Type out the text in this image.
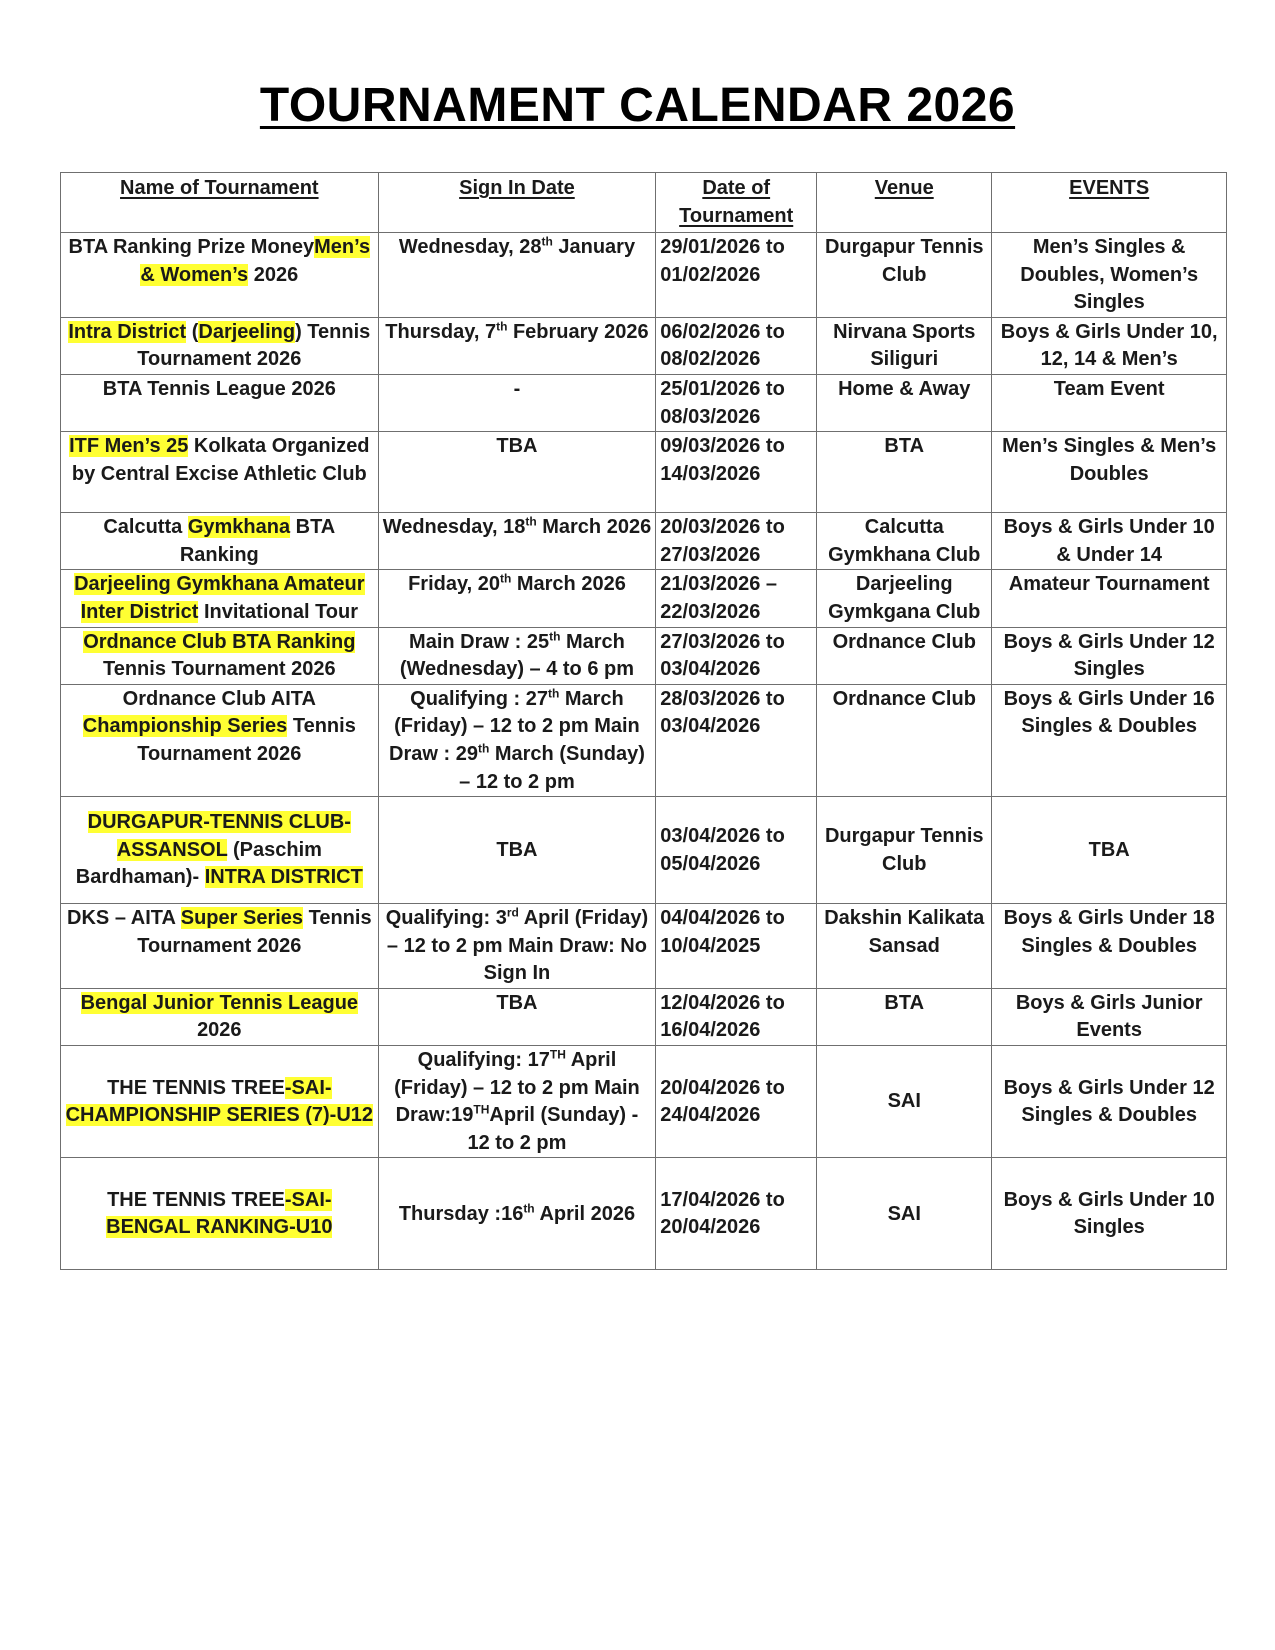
TOURNAMENT CALENDAR 2026
Name of Tournament	Sign In Date	Date of Tournament	Venue	EVENTS
BTA Ranking Prize MoneyMen’s & Women’s 2026	Wednesday, 28th January	29/01/2026 to 01/02/2026	Durgapur Tennis Club	Men’s Singles & Doubles, Women’s Singles
Intra District (Darjeeling) Tennis Tournament 2026	Thursday, 7th February 2026	06/02/2026 to 08/02/2026	Nirvana Sports Siliguri	Boys & Girls Under 10, 12, 14 & Men’s
BTA Tennis League 2026	-	25/01/2026 to 08/03/2026	Home & Away	Team Event
ITF Men’s 25 Kolkata Organized by Central Excise Athletic Club	TBA	09/03/2026 to 14/03/2026	BTA	Men’s Singles & Men’s Doubles
Calcutta Gymkhana BTA Ranking	Wednesday, 18th March 2026	20/03/2026 to 27/03/2026	Calcutta Gymkhana Club	Boys & Girls Under 10 & Under 14
Darjeeling Gymkhana Amateur Inter District Invitational Tour	Friday, 20th March 2026	21/03/2026 – 22/03/2026	Darjeeling Gymkgana Club	Amateur Tournament
Ordnance Club BTA Ranking Tennis Tournament 2026	Main Draw : 25th March (Wednesday) – 4 to 6 pm	27/03/2026 to 03/04/2026	Ordnance Club	Boys & Girls Under 12 Singles
Ordnance Club AITA Championship Series Tennis Tournament 2026	Qualifying : 27th March (Friday) – 12 to 2 pm Main Draw : 29th March (Sunday) – 12 to 2 pm	28/03/2026 to 03/04/2026	Ordnance Club	Boys & Girls Under 16 Singles & Doubles
DURGAPUR-TENNIS CLUB-ASSANSOL (Paschim Bardhaman)- INTRA DISTRICT	TBA	03/04/2026 to 05/04/2026	Durgapur Tennis Club	TBA
DKS – AITA Super Series Tennis Tournament 2026	Qualifying: 3rd April (Friday) – 12 to 2 pm Main Draw: No Sign In	04/04/2026 to 10/04/2025	Dakshin Kalikata Sansad	Boys & Girls Under 18 Singles & Doubles
Bengal Junior Tennis League 2026	TBA	12/04/2026 to 16/04/2026	BTA	Boys & Girls Junior Events
THE TENNIS TREE-SAI-CHAMPIONSHIP SERIES (7)-U12	Qualifying: 17TH April (Friday) – 12 to 2 pm Main Draw:19THApril (Sunday) - 12 to 2 pm	20/04/2026 to 24/04/2026	SAI	Boys & Girls Under 12 Singles & Doubles
THE TENNIS TREE-SAI-BENGAL RANKING-U10	Thursday :16th April 2026	17/04/2026 to 20/04/2026	SAI	Boys & Girls Under 10 Singles
